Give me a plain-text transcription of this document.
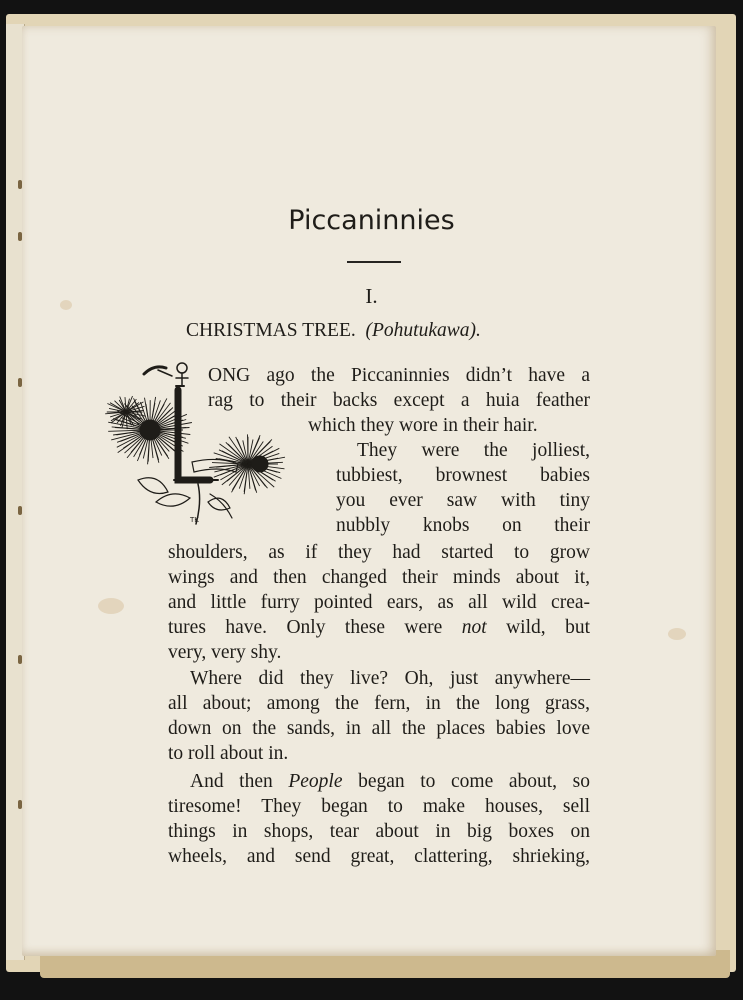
Piccaninnies
I.
CHRISTMAS TREE. (Pohutukawa).
TK
ONG ago the Piccaninnies didn’t have a
rag to their backs except a huia feather
which they wore in their hair.
They were the jolliest,
tubbiest, brownest babies
you ever saw with tiny
nubbly knobs on their
shoulders, as if they had started to grow
wings and then changed their minds about it,
and little furry pointed ears, as all wild crea-
tures have. Only these were not wild, but
very, very shy.
Where did they live? Oh, just anywhere—
all about; among the fern, in the long grass,
down on the sands, in all the places babies love
to roll about in.
And then People began to come about, so
tiresome! They began to make houses, sell
things in shops, tear about in big boxes on
wheels, and send great, clattering, shrieking,
